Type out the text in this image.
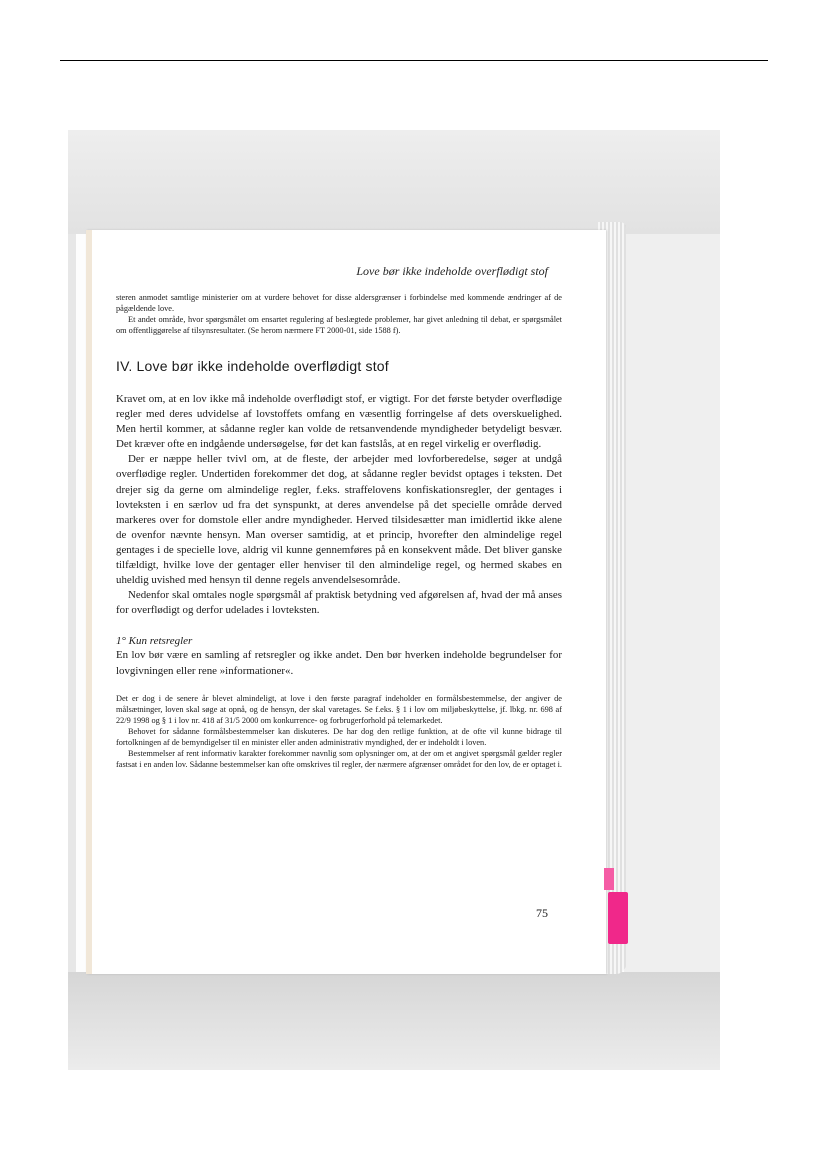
Love bør ikke indeholde overflødigt stof

steren anmodet samtlige ministerier om at vurdere behovet for disse aldersgrænser i forbindelse med kommende ændringer af de pågældende love.

Et andet område, hvor spørgsmålet om ensartet regulering af beslægtede problemer, har givet anledning til debat, er spørgsmålet om offentliggørelse af tilsynsresultater. (Se herom nærmere FT 2000-01, side 1588 f).

IV. Love bør ikke indeholde overflødigt stof

Kravet om, at en lov ikke må indeholde overflødigt stof, er vigtigt. For det første betyder overflødige regler med deres udvidelse af lovstoffets omfang en væsentlig forringelse af dets overskuelighed. Men hertil kommer, at sådanne regler kan volde de retsanvendende myndigheder betydeligt besvær. Det kræver ofte en indgående undersøgelse, før det kan fastslås, at en regel virkelig er overflødig.

Der er næppe heller tvivl om, at de fleste, der arbejder med lovforberedelse, søger at undgå overflødige regler. Undertiden forekommer det dog, at sådanne regler bevidst optages i teksten. Det drejer sig da gerne om almindelige regler, f.eks. straffelovens konfiskationsregler, der gentages i lovteksten i en særlov ud fra det synspunkt, at deres anvendelse på det specielle område derved markeres over for domstole eller andre myndigheder. Herved tilsidesætter man imidlertid ikke alene de ovenfor nævnte hensyn. Man overser samtidig, at et princip, hvorefter den almindelige regel gentages i de specielle love, aldrig vil kunne gennemføres på en konsekvent måde. Det bliver ganske tilfældigt, hvilke love der gentager eller henviser til den almindelige regel, og hermed skabes en uheldig uvished med hensyn til denne regels anvendelsesområde.

Nedenfor skal omtales nogle spørgsmål af praktisk betydning ved afgørelsen af, hvad der må anses for overflødigt og derfor udelades i lovteksten.

1° Kun retsregler

En lov bør være en samling af retsregler og ikke andet. Den bør hverken indeholde begrundelser for lovgivningen eller rene »informationer«.

Det er dog i de senere år blevet almindeligt, at love i den første paragraf indeholder en formålsbestemmelse, der angiver de målsætninger, loven skal søge at opnå, og de hensyn, der skal varetages. Se f.eks. § 1 i lov om miljøbeskyttelse, jf. lbkg. nr. 698 af 22/9 1998 og § 1 i lov nr. 418 af 31/5 2000 om konkurrence- og forbrugerforhold på telemarkedet.

Behovet for sådanne formålsbestemmelser kan diskuteres. De har dog den retlige funktion, at de ofte vil kunne bidrage til fortolkningen af de bemyndigelser til en minister eller anden administrativ myndighed, der er indeholdt i loven.

Bestemmelser af rent informativ karakter forekommer navnlig som oplysninger om, at der om et angivet spørgsmål gælder regler fastsat i en anden lov. Sådanne bestemmelser kan ofte omskrives til regler, der nærmere afgrænser området for den lov, de er optaget i.

75
